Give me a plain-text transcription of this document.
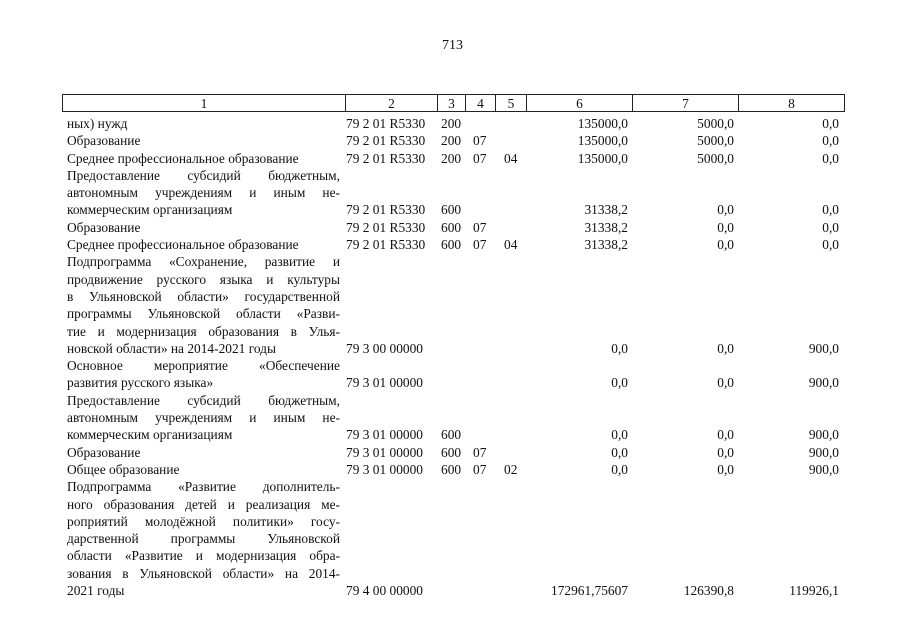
713
1	2	3	4	5	6	7	8
ных) нужд	79 2 01 R5330 200	135000,0	5000,0	0,0
Образование	79 2 01 R5330 200 07	135000,0	5000,0	0,0
Среднее профессиональное образование	79 2 01 R5330 200 07 04	135000,0	5000,0	0,0
Предоставление субсидий бюджетным,
автономным учреждениям и иным не-
коммерческим организациям	79 2 01 R5330 600	31338,2	0,0	0,0
Образование	79 2 01 R5330 600 07	31338,2	0,0	0,0
Среднее профессиональное образование	79 2 01 R5330 600 07 04	31338,2	0,0	0,0
Подпрограмма «Сохранение, развитие и
продвижение русского языка и культуры
в Ульяновской области» государственной
программы Ульяновской области «Разви-
тие и модернизация образования в Улья-
новской области» на 2014-2021 годы	79 3 00 00000	0,0	0,0	900,0
Основное мероприятие «Обеспечение
развития русского языка»	79 3 01 00000	0,0	0,0	900,0
Предоставление субсидий бюджетным,
автономным учреждениям и иным не-
коммерческим организациям	79 3 01 00000 600	0,0	0,0	900,0
Образование	79 3 01 00000 600 07	0,0	0,0	900,0
Общее образование	79 3 01 00000 600 07 02	0,0	0,0	900,0
Подпрограмма «Развитие дополнитель-
ного образования детей и реализация ме-
роприятий молодёжной политики» госу-
дарственной программы Ульяновской
области «Развитие и модернизация обра-
зования в Ульяновской области» на 2014-
2021 годы	79 4 00 00000	172961,75607	126390,8	119926,1
